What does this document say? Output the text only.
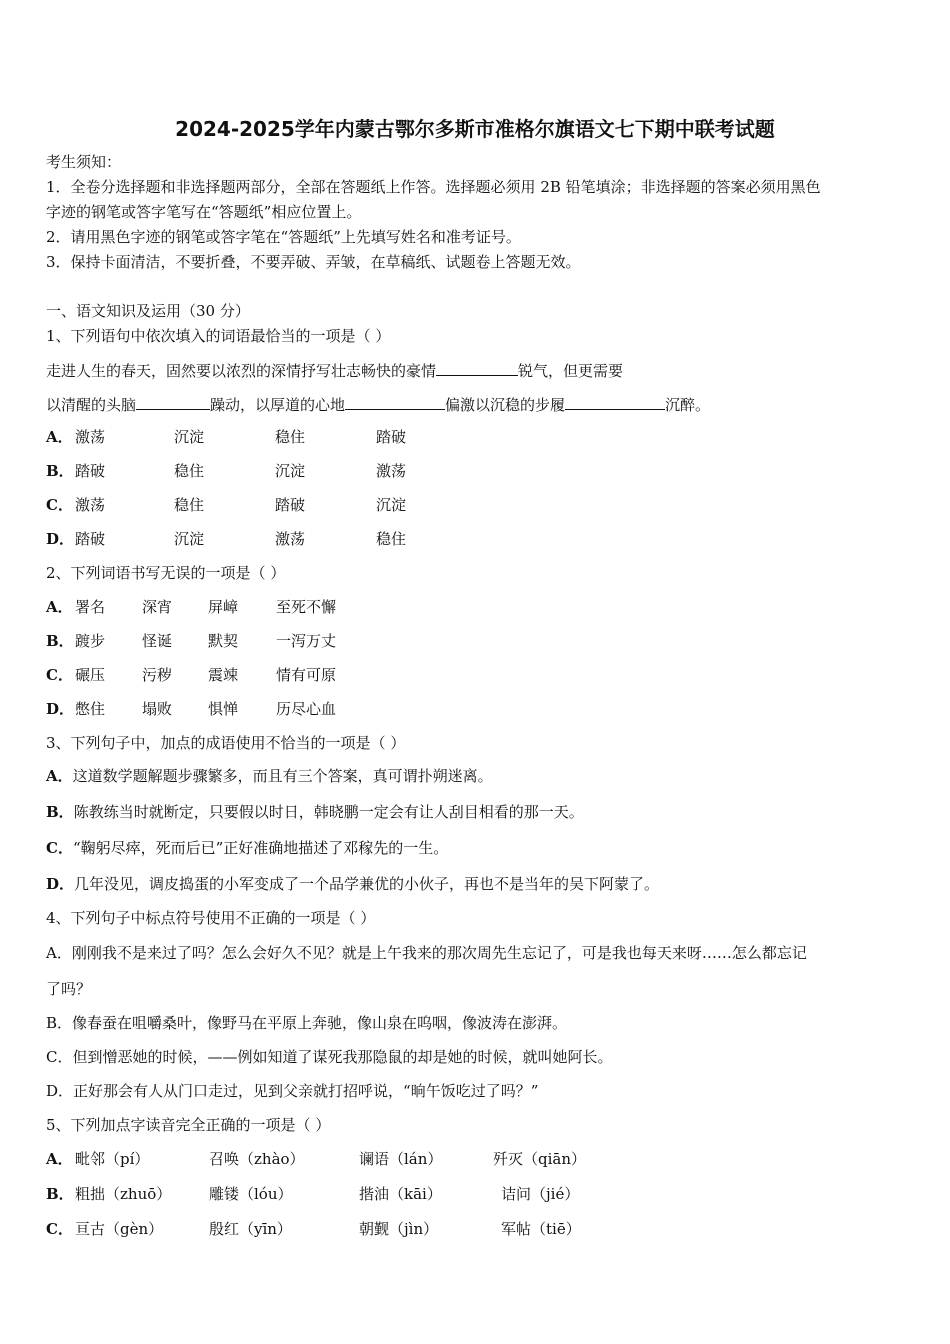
2024-2025学年内蒙古鄂尔多斯市准格尔旗语文七下期中联考试题
考生须知：
1．全卷分选择题和非选择题两部分，全部在答题纸上作答。选择题必须用 2B 铅笔填涂；非选择题的答案必须用黑色
字迹的钢笔或答字笔写在“答题纸”相应位置上。
2．请用黑色字迹的钢笔或答字笔在“答题纸”上先填写姓名和准考证号。
3．保持卡面清洁，不要折叠，不要弄破、弄皱，在草稿纸、试题卷上答题无效。
一、语文知识及运用（30 分）
1、下列语句中依次填入的词语最恰当的一项是（ ）
走进人生的春天，固然要以浓烈的深情抒写壮志畅快的豪情	锐气，但更需要
以清醒的头脑	躁动，以厚道的心地	偏激以沉稳的步履	沉醉。
A． 激荡	沉淀	稳住	踏破
B． 踏破	稳住	沉淀	激荡
C． 激荡	稳住	踏破	沉淀
D． 踏破	沉淀	激荡	稳住
2、下列词语书写无误的一项是（ ）
A． 署名 深宵 屏嶂	至死不懈
B． 踱步 怪诞 默契	一泻万丈
C． 碾压 污秽 震竦	情有可原
D． 憋住 塌败 惧惮	历尽心血
3、下列句子中，加点的成语使用不恰当的一项是（ ）
A．这道数学题解题步骤繁多，而且有三个答案，真可谓扑朔迷离。
B．陈教练当时就断定，只要假以时日，韩晓鹏一定会有让人刮目相看的那一天。
C．“鞠躬尽瘁，死而后已”正好准确地描述了邓稼先的一生。
D．几年没见，调皮捣蛋的小军变成了一个品学兼优的小伙子，再也不是当年的吴下阿蒙了。
4、下列句子中标点符号使用不正确的一项是（ ）
A．刚刚我不是来过了吗？怎么会好久不见？就是上午我来的那次周先生忘记了，可是我也每天来呀……怎么都忘记
了吗？
B．像春蚕在咀嚼桑叶，像野马在平原上奔驰，像山泉在呜咽，像波涛在澎湃。
C．但到憎恶她的时候，——例如知道了谋死我那隐鼠的却是她的时候，就叫她阿长。
D．正好那会有人从门口走过，见到父亲就打招呼说，“晌午饭吃过了吗？”
5、下列加点字读音完全正确的一项是（ ）
A． 毗邻（pí）	召唤（zhào）	谰语（lán）	歼灭（qiān）
B． 粗拙（zhuō）	雕镂（lóu）	揩油（kāi）	诘问（jié）
C． 亘古（gèn）	殷红（yīn）	朝觐（jìn）	军帖（tiē）
